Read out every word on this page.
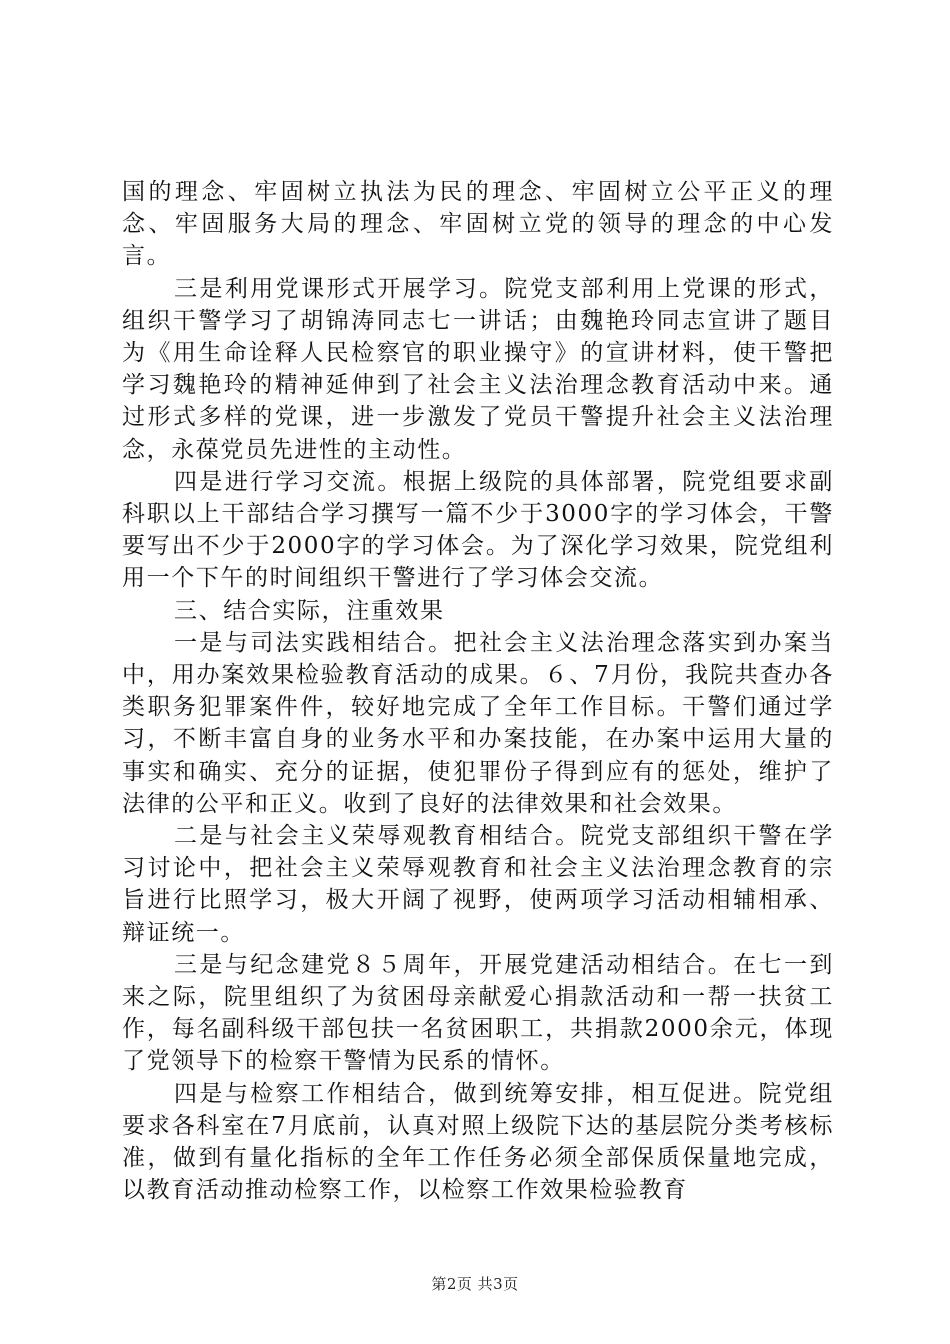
国的理念、牢固树立执法为民的理念、牢固树立公平正义的理念、牢固服务大局的理念、牢固树立党的领导的理念的中心发言。

三是利用党课形式开展学习。院党支部利用上党课的形式，组织干警学习了胡锦涛同志七一讲话；由魏艳玲同志宣讲了题目为《用生命诠释人民检察官的职业操守》的宣讲材料，使干警把学习魏艳玲的精神延伸到了社会主义法治理念教育活动中来。通过形式多样的党课，进一步激发了党员干警提升社会主义法治理念，永葆党员先进性的主动性。

四是进行学习交流。根据上级院的具体部署，院党组要求副科职以上干部结合学习撰写一篇不少于3000字的学习体会，干警要写出不少于2000字的学习体会。为了深化学习效果，院党组利用一个下午的时间组织干警进行了学习体会交流。

三、结合实际，注重效果

一是与司法实践相结合。把社会主义法治理念落实到办案当中，用办案效果检验教育活动的成果。６、7月份，我院共查办各类职务犯罪案件件，较好地完成了全年工作目标。干警们通过学习，不断丰富自身的业务水平和办案技能，在办案中运用大量的事实和确实、充分的证据，使犯罪份子得到应有的惩处，维护了法律的公平和正义。收到了良好的法律效果和社会效果。

二是与社会主义荣辱观教育相结合。院党支部组织干警在学习讨论中，把社会主义荣辱观教育和社会主义法治理念教育的宗旨进行比照学习，极大开阔了视野，使两项学习活动相辅相承、辩证统一。

三是与纪念建党８５周年，开展党建活动相结合。在七一到来之际，院里组织了为贫困母亲献爱心捐款活动和一帮一扶贫工作，每名副科级干部包扶一名贫困职工，共捐款2000余元，体现了党领导下的检察干警情为民系的情怀。

四是与检察工作相结合，做到统筹安排，相互促进。院党组要求各科室在7月底前，认真对照上级院下达的基层院分类考核标准，做到有量化指标的全年工作任务必须全部保质保量地完成，以教育活动推动检察工作，以检察工作效果检验教育

第2页 共3页
